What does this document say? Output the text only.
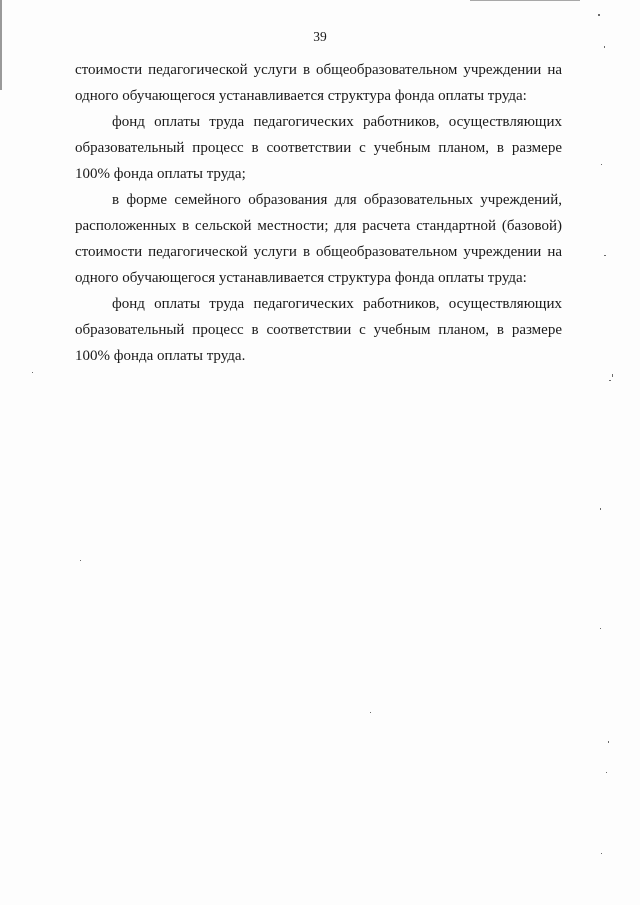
39

стоимости педагогической услуги в общеобразовательном учреждении на
одного обучающегося устанавливается структура фонда оплаты труда:

фонд оплаты труда педагогических работников, осуществляющих
образовательный процесс в соответствии с учебным планом, в размере
100% фонда оплаты труда;

в форме семейного образования для образовательных учреждений,
расположенных в сельской местности; для расчета стандартной (базовой)
стоимости педагогической услуги в общеобразовательном учреждении на
одного обучающегося устанавливается структура фонда оплаты труда:

фонд оплаты труда педагогических работников, осуществляющих
образовательный процесс в соответствии с учебным планом, в размере
100% фонда оплаты труда.
